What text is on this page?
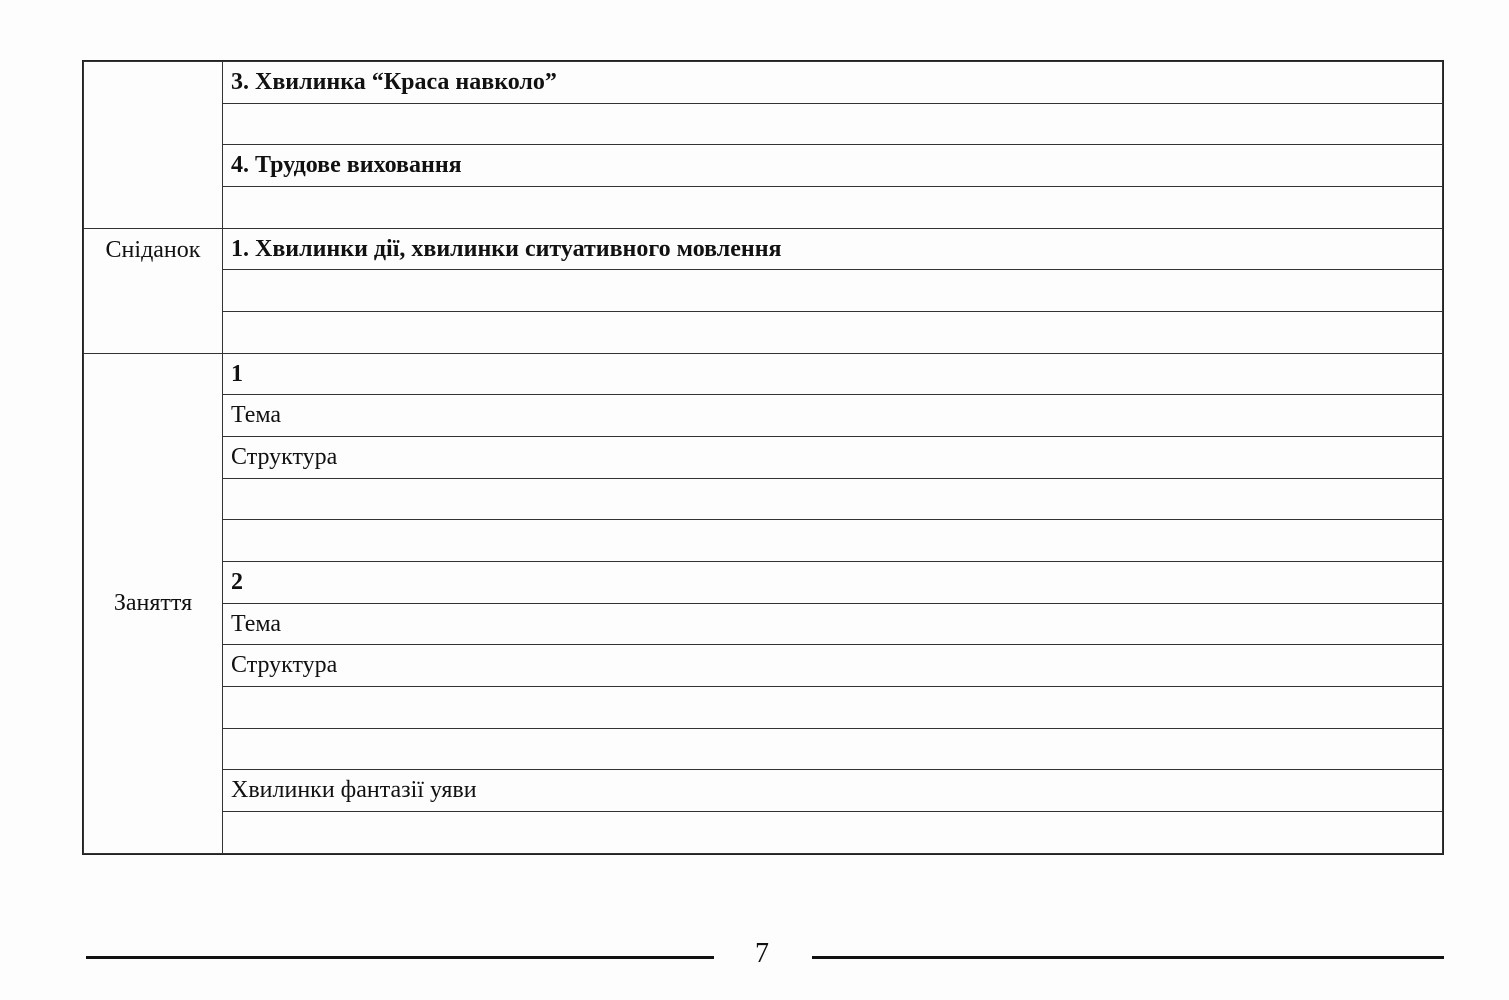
	3. Хвилинка “Краса навколо”

	4. Трудове виховання

Сніданок	1. Хвилинки дії, хвилинки ситуативного мовлення

Заняття	1
	Тема
	Структура

	2
	Тема
	Структура

	Хвилинки фантазії уяви

7
